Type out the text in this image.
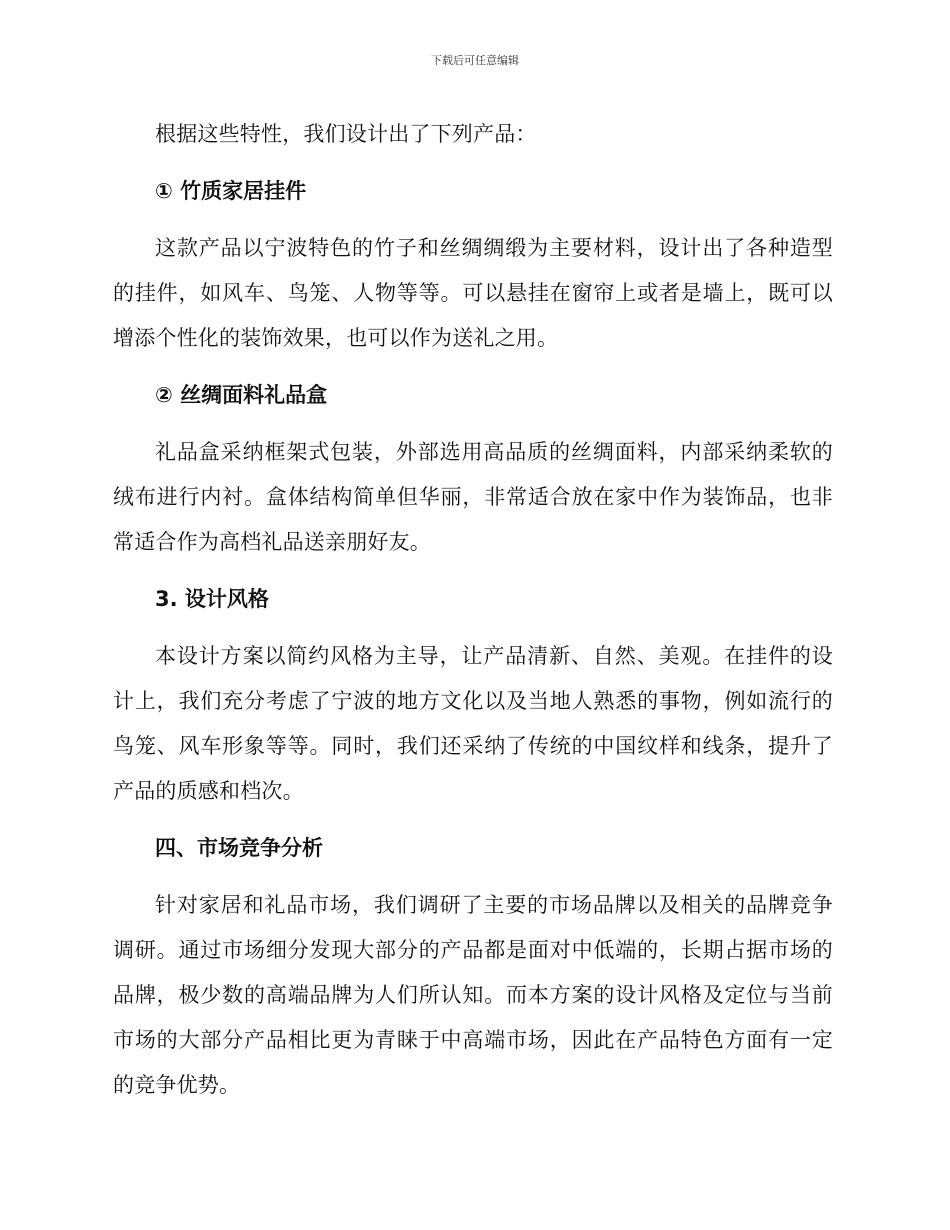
下载后可任意编辑

根据这些特性，我们设计出了下列产品：

① 竹质家居挂件

这款产品以宁波特色的竹子和丝绸绸缎为主要材料，设计出了各种造型的挂件，如风车、鸟笼、人物等等。可以悬挂在窗帘上或者是墙上，既可以增添个性化的装饰效果，也可以作为送礼之用。

② 丝绸面料礼品盒

礼品盒采纳框架式包装，外部选用高品质的丝绸面料，内部采纳柔软的绒布进行内衬。盒体结构简单但华丽，非常适合放在家中作为装饰品，也非常适合作为高档礼品送亲朋好友。

3. 设计风格

本设计方案以简约风格为主导，让产品清新、自然、美观。在挂件的设计上，我们充分考虑了宁波的地方文化以及当地人熟悉的事物，例如流行的鸟笼、风车形象等等。同时，我们还采纳了传统的中国纹样和线条，提升了产品的质感和档次。

四、市场竞争分析

针对家居和礼品市场，我们调研了主要的市场品牌以及相关的品牌竞争调研。通过市场细分发现大部分的产品都是面对中低端的，长期占据市场的品牌，极少数的高端品牌为人们所认知。而本方案的设计风格及定位与当前市场的大部分产品相比更为青睐于中高端市场，因此在产品特色方面有一定的竞争优势。
